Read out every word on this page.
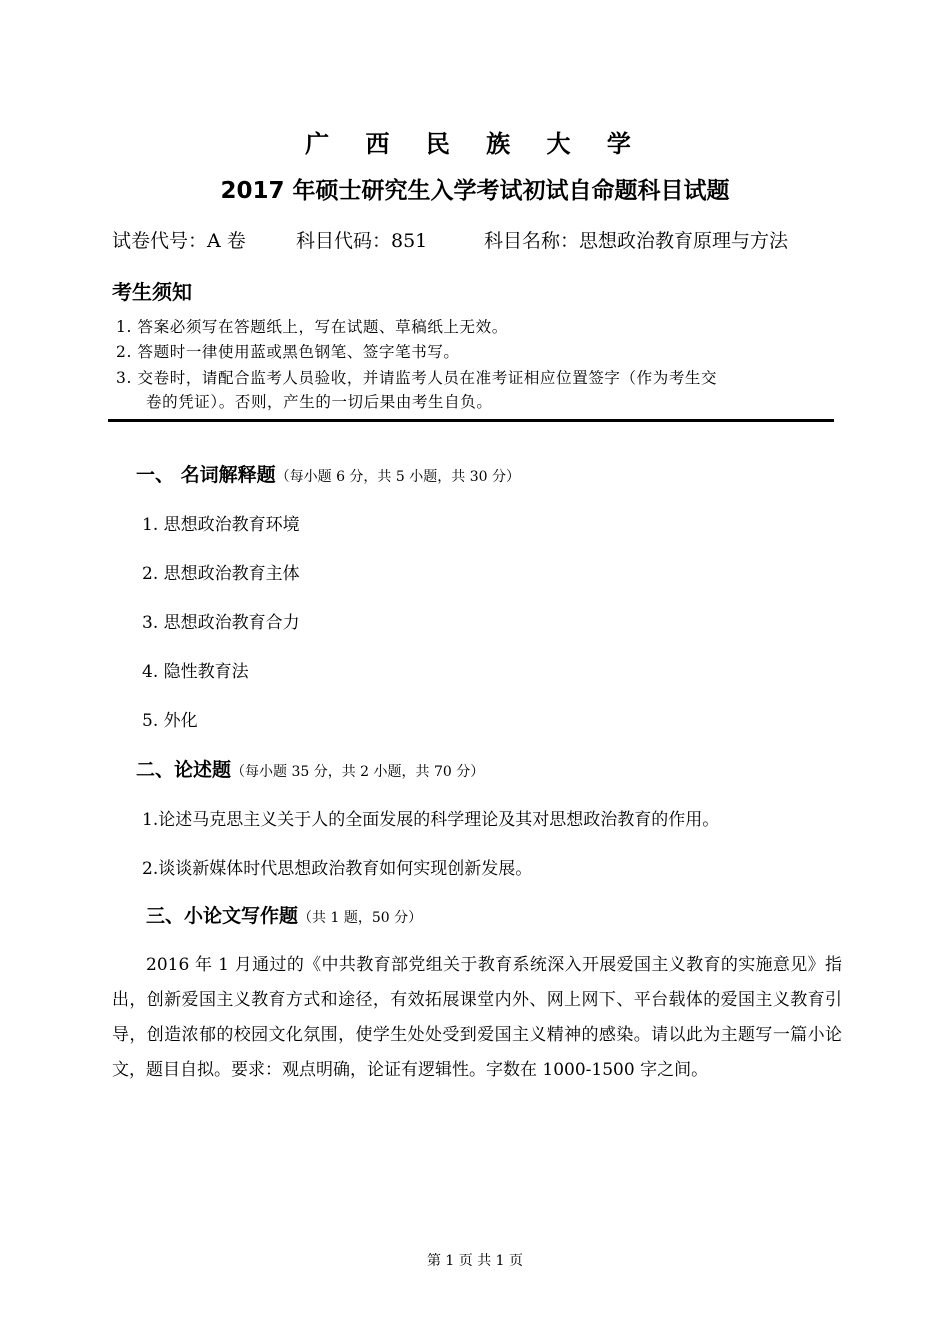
广 西 民 族 大 学
2017 年硕士研究生入学考试初试自命题科目试题
试卷代号：A 卷	科目代码：851	科目名称：思想政治教育原理与方法
考生须知
1. 答案必须写在答题纸上，写在试题、草稿纸上无效。
2. 答题时一律使用蓝或黑色钢笔、签字笔书写。
3. 交卷时，请配合监考人员验收，并请监考人员在准考证相应位置签字（作为考生交
卷的凭证）。否则，产生的一切后果由考生自负。
一、 名词解释题（每小题 6 分，共 5 小题，共 30 分）
1. 思想政治教育环境
2. 思想政治教育主体
3. 思想政治教育合力
4. 隐性教育法
5. 外化
二、论述题（每小题 35 分，共 2 小题，共 70 分）
1.论述马克思主义关于人的全面发展的科学理论及其对思想政治教育的作用。
2.谈谈新媒体时代思想政治教育如何实现创新发展。
三、小论文写作题（共 1 题，50 分）
2016 年 1 月通过的《中共教育部党组关于教育系统深入开展爱国主义教育的实施意见》指出，创新爱国主义教育方式和途径，有效拓展课堂内外、网上网下、平台载体的爱国主义教育引导，创造浓郁的校园文化氛围，使学生处处受到爱国主义精神的感染。请以此为主题写一篇小论文，题目自拟。要求：观点明确，论证有逻辑性。字数在 1000-1500 字之间。
第 1 页 共 1 页
